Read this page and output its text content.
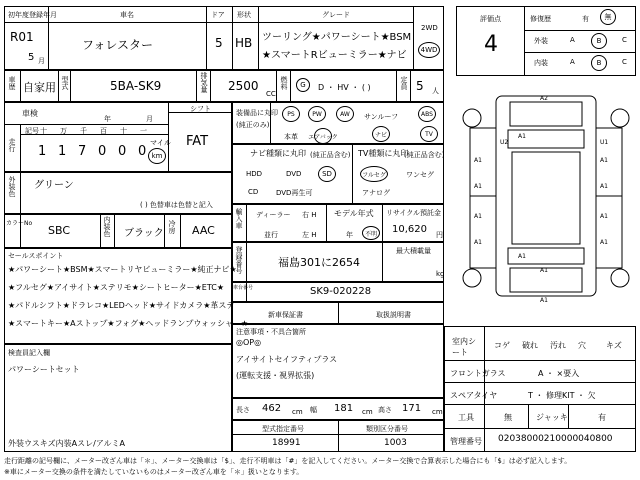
初年度登録年月
R01
5 月
車名
フォレスター
ドア
5
形状
HB
グレード
ツーリング★パワーシート★BSM
★スマートRビューミラー★ナビ
2WD
4WD
車歴 自家用 型式	5BA-SK9	排気量 2500
CC
燃料	G	D ・ HV ・ ( )	定員 5 人
車検
年	月
走行
記号 十 万 千 百 十 一
1 1 7 0 0 0
マイル
km
シフト
FAT
外装色 グリーン
( ) 色替車は色替と記入
カラーNo
SBC	内装色 ブラック 冷房 AAC
セールスポイント
★パワーシート★BSM★スマートリヤビューミラー★純正ナビ★
★フルセグ★アイサイト★ステリモ★シートヒーター★ETC★
★パドルシフト★ドラレコ★LEDヘッド★サイドカメラ★革ステ
★スマートキー★Aストップ★フォグ★ヘッドランプウォッシャー★
検査員記入欄
パワーシートセット
外装ウスキズ内装Aスレ/アルミA
装備品に丸印
(純正のみ)
PS	PW	AW	サンルーフ	ABS
本革 エアバック	ナビ	TV
ナビ種類に丸印 (純正品含む) TV種類に丸印
(純正品含む)
HDD	DVD	SD
CD	DVD再生可
フルセグ	ワンセグ
アナログ
輸入車 ディーラー
並行
右 H
左 H
モデル年式
年	不明
リサイクル預託金
10,620 円
登録番号	福島301に2654
最大積載量
kg
車台番号	SK9-020228
新車保証書	取扱説明書
注意事項・不具合箇所
◎OP◎
アイサイトセイフティプラス
(運転支援・視界拡張)
長さ 462 cm 幅 181 cm 高さ 171 cm
型式指定番号
18991
類別区分番号
1003
評価点
4
修復歴	有	無
外装	A	B	C
内装	A	B	C
A2
A1
U2
A1	A1
A1
U1
A1
A1	A1
A1	A1
A1
A1
A1
室内シート
コゲ 破れ 汚れ 穴	キズ
フロントガラス	A ・ ×要入
スペアタイヤ	T ・ 修理KIT ・ 欠
工具	無	ジャッキ	有
管理番号 02038000210000040800
走行距離の記号欄に、メーター改ざん車は「＊」、メーター交換車は「$」、走行不明車は「#」を記入してください。メーター交換で合算表示した場合にも「$」は必ず記入します。
※車にメーター交換の条件を満たしていないものはメーター改ざん車を「＊」扱いとなります。
